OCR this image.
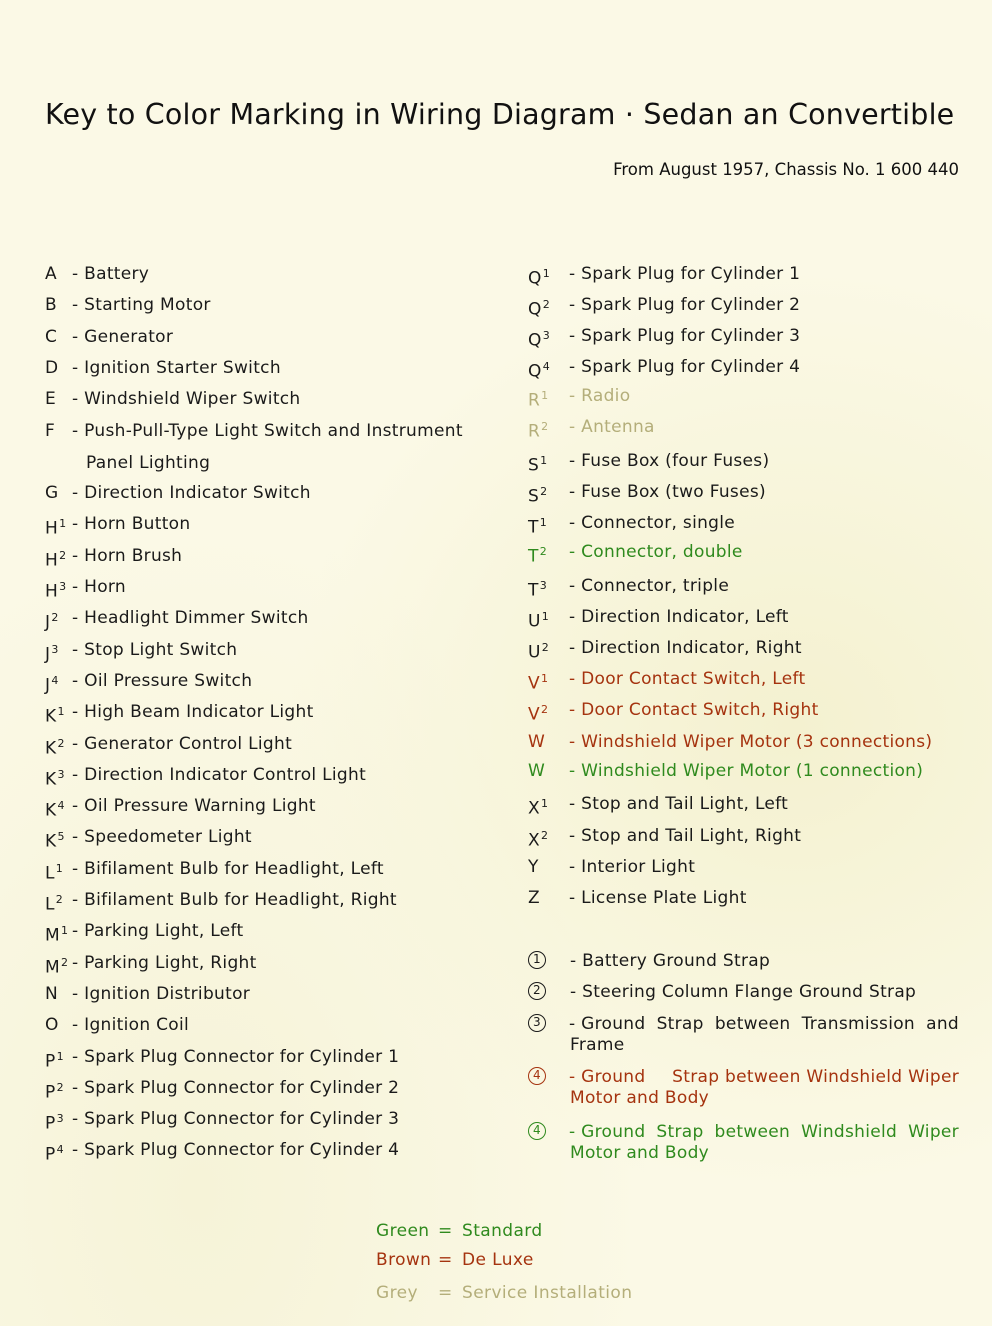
Key to Color Marking in Wiring Diagram · Sedan an Convertible
From August 1957, Chassis No. 1 600 440
A - Battery
B - Starting Motor
C - Generator
D - Ignition Starter Switch
E - Windshield Wiper Switch
F - Push-Pull-Type Light Switch and Instrument
Panel Lighting
G - Direction Indicator Switch
$H^1$ - Horn Button
$H^2$ - Horn Brush
$H^3$ - Horn
$J^2$ - Headlight Dimmer Switch
$J^3$ - Stop Light Switch
$J^4$ - Oil Pressure Switch
$K^1$ - High Beam Indicator Light
$K^2$ - Generator Control Light
$K^3$ - Direction Indicator Control Light
$K^4$ - Oil Pressure Warning Light
$K^5$ - Speedometer Light
$L^1$ - Bifilament Bulb for Headlight, Left
$L^2$ - Bifilament Bulb for Headlight, Right
$M^1$ - Parking Light, Left
$M^2$ - Parking Light, Right
N - Ignition Distributor
O - Ignition Coil
$P^1$ - Spark Plug Connector for Cylinder 1
$P^2$ - Spark Plug Connector for Cylinder 2
$P^3$ - Spark Plug Connector for Cylinder 3
$P^4$ - Spark Plug Connector for Cylinder 4
$Q^1$ - Spark Plug for Cylinder 1
$Q^2$ - Spark Plug for Cylinder 2
$Q^3$ - Spark Plug for Cylinder 3
$Q^4$ - Spark Plug for Cylinder 4
$R^1$ - Radio
$R^2$ - Antenna
$S^1$ - Fuse Box (four Fuses)
$S^2$ - Fuse Box (two Fuses)
$T^1$ - Connector, single
$T^2$ - Connector, double
$T^3$ - Connector, triple
$U^1$ - Direction Indicator, Left
$U^2$ - Direction Indicator, Right
$V^1$ - Door Contact Switch, Left
$V^2$ - Door Contact Switch, Right
W - Windshield Wiper Motor (3 connections)
W - Windshield Wiper Motor (1 connection)
$X^1$ - Stop and Tail Light, Left
$X^2$ - Stop and Tail Light, Right
Y - Interior Light
Z - License Plate Light
1 - Battery Ground Strap
2 - Steering Column Flange Ground Strap
3 - Ground Strap between Transmission and
Frame
4 - Ground Strap between Windshield Wiper
Motor and Body
4 - Ground Strap between Windshield Wiper
Motor and Body
Green = Standard
Brown = De Luxe
Grey = Service Installation
